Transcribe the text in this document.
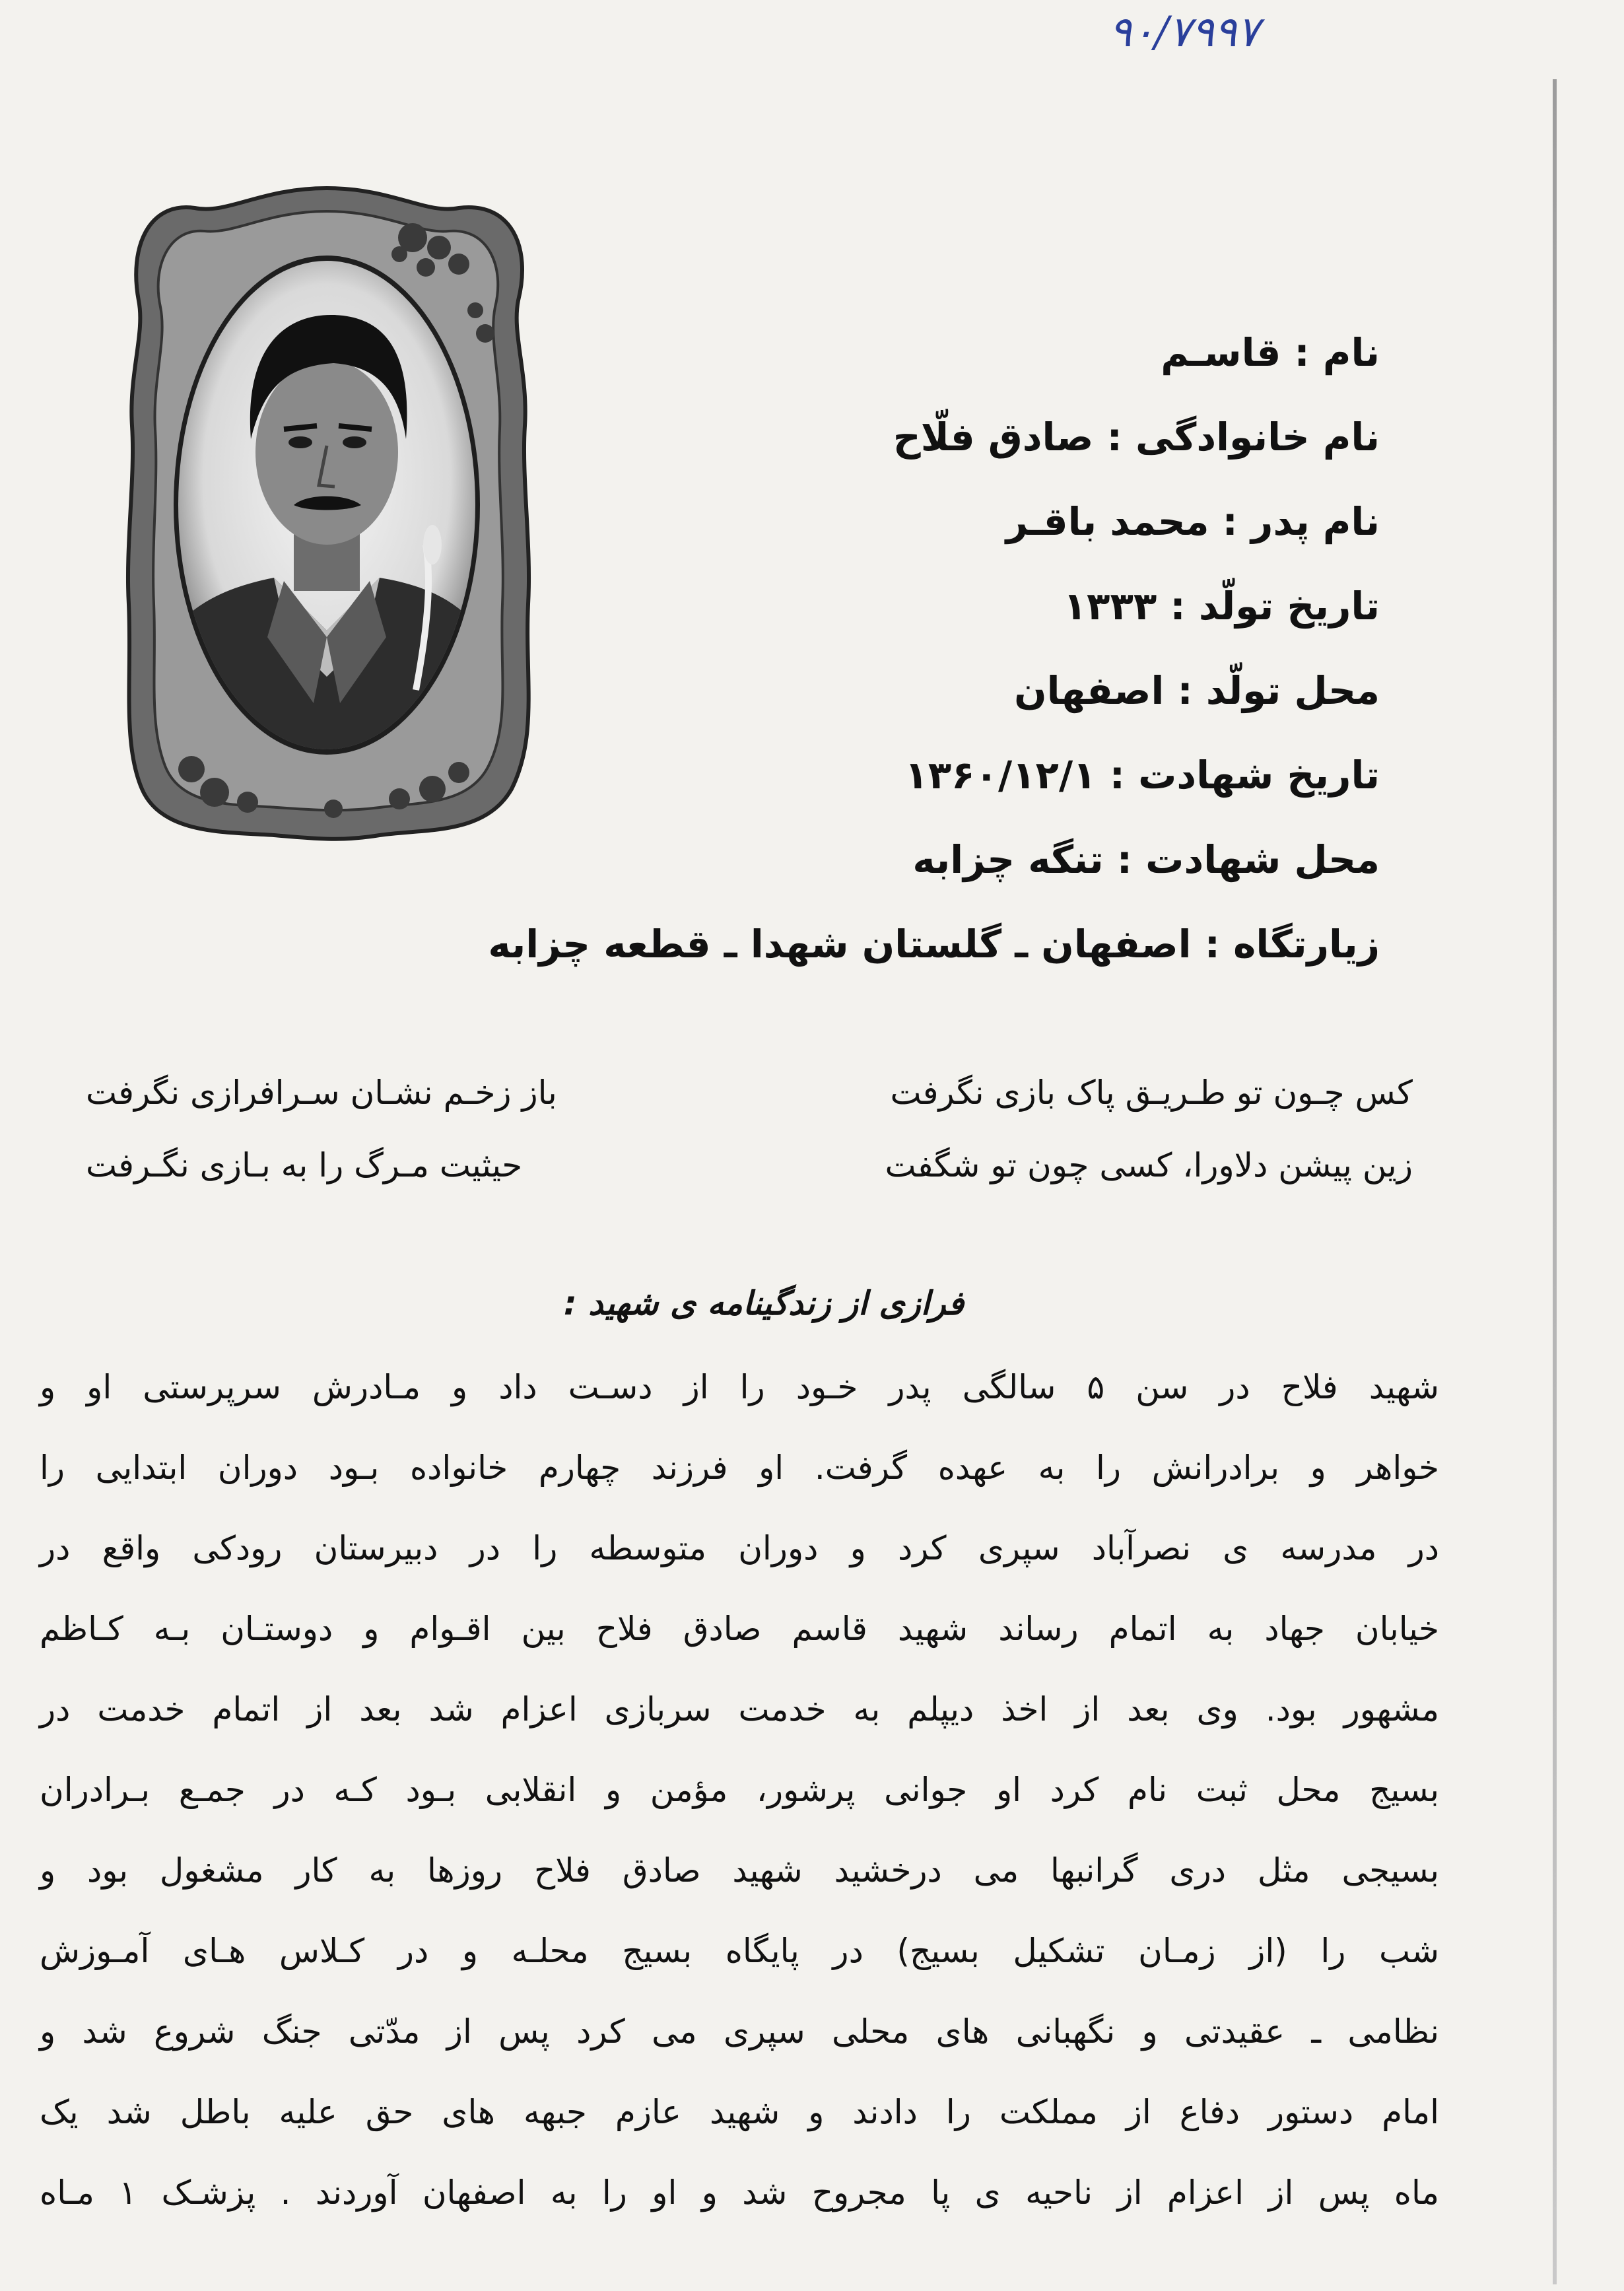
۹۰/۷۹۹۷
نام : قاسـم
نام خانوادگی : صادق فلّاح
نام پدر : محمد باقـر
تاریخ تولّد : ۱۳۳۳
محل تولّد : اصفهان
تاریخ شهادت : ۱۳۶۰/۱۲/۱
محل شهادت : تنگه چزابه
زیارتگاه : اصفهان ـ گلستان شهدا ـ قطعه چزابه
کس چـون تو طـریـق پاک بازی نگرفت
باز زخـم نشـان سـرافرازی نگرفت
زین پیشن دلاورا، کسی چون تو شگفت
حیثیت مـرگ را به بـازی نگـرفت
فرازی از زندگینامه ی شهید :
شهید فلاح در سن ۵ سالگی پدر خـود را از دسـت داد و مـادرش سرپرستی او و
خواهر و برادرانش را به عهده گرفت. او فرزند چهارم خانواده بـود دوران ابتدایی را
در مدرسه ی نصرآباد سپری کرد و دوران متوسطه را در دبیرستان رودکی واقع در
خیابان جهاد به اتمام رساند شهید قاسم صادق فلاح بین اقـوام و دوستـان بـه کـاظم
مشهور بود. وی بعد از اخذ دیپلم به خدمت سربازی اعزام شد بعد از اتمام خدمت در
بسیج محل ثبت نام کرد او جوانی پرشور، مؤمن و انقلابی بـود کـه در جمـع بـرادران
بسیجی مثل دری گرانبها می درخشید شهید صادق فلاح روزها به کار مشغول بود و
شب را (از زمـان تشکیل بسیج) در پایگاه بسیج محلـه و در کـلاس هـای آمـوزش
نظامی ـ عقیدتی و نگهبانی های محلی سپری می کرد پس از مدّتی جنگ شروع شد و
امام دستور دفاع از مملکت را دادند و شهید عازم جبهه های حق علیه باطل شد یک
ماه پس از اعزام از ناحیه ی پا مجروح شد و او را به اصفهان آوردند . پزشـک ۱ مـاه
